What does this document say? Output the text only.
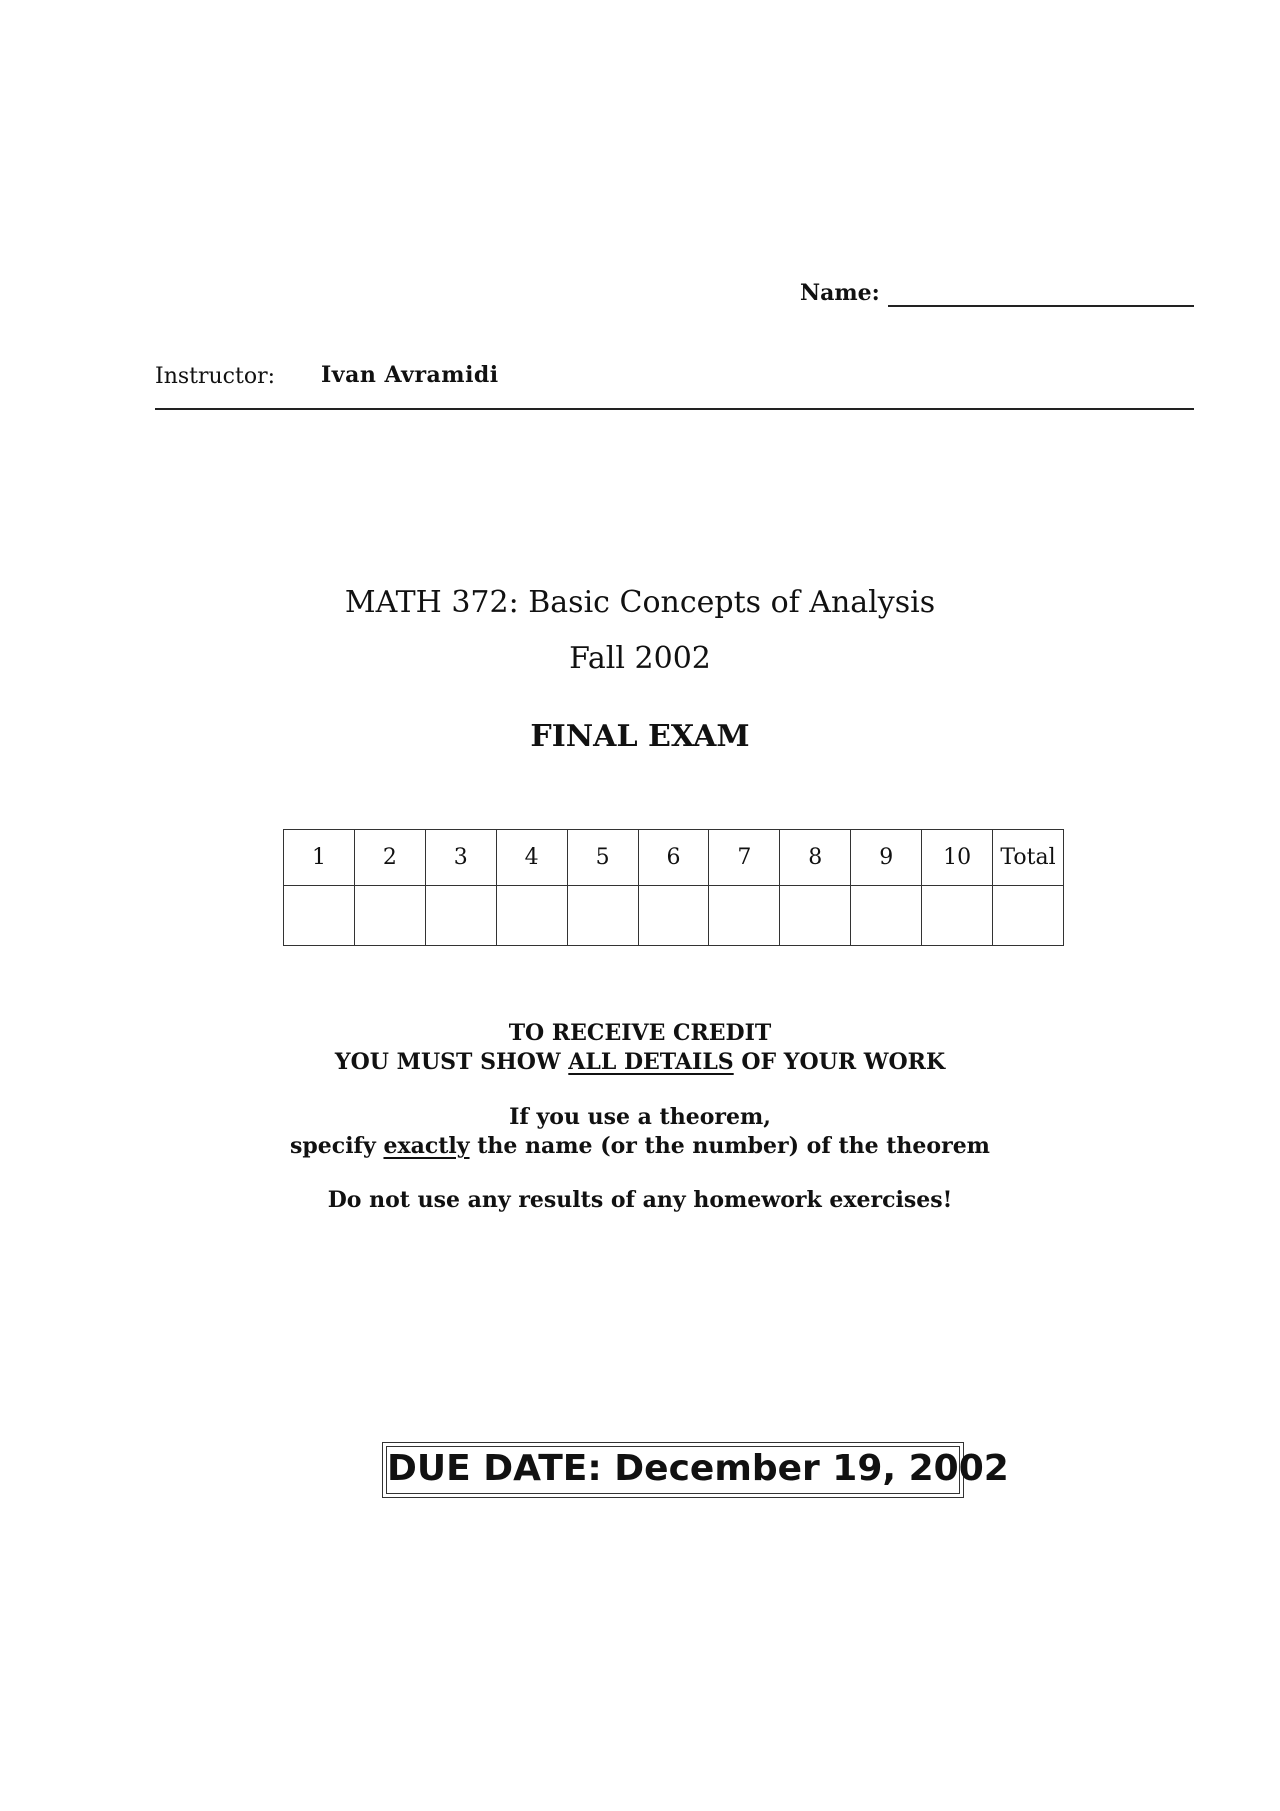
Name:
Instructor: Ivan Avramidi
MATH 372: Basic Concepts of Analysis
Fall 2002
FINAL EXAM
1	2	3	4	5	6	7	8	9	10	Total

TO RECEIVE CREDIT
YOU MUST SHOW ALL DETAILS OF YOUR WORK
If you use a theorem,
specify exactly the name (or the number) of the theorem
Do not use any results of any homework exercises!
DUE DATE: December 19, 2002
